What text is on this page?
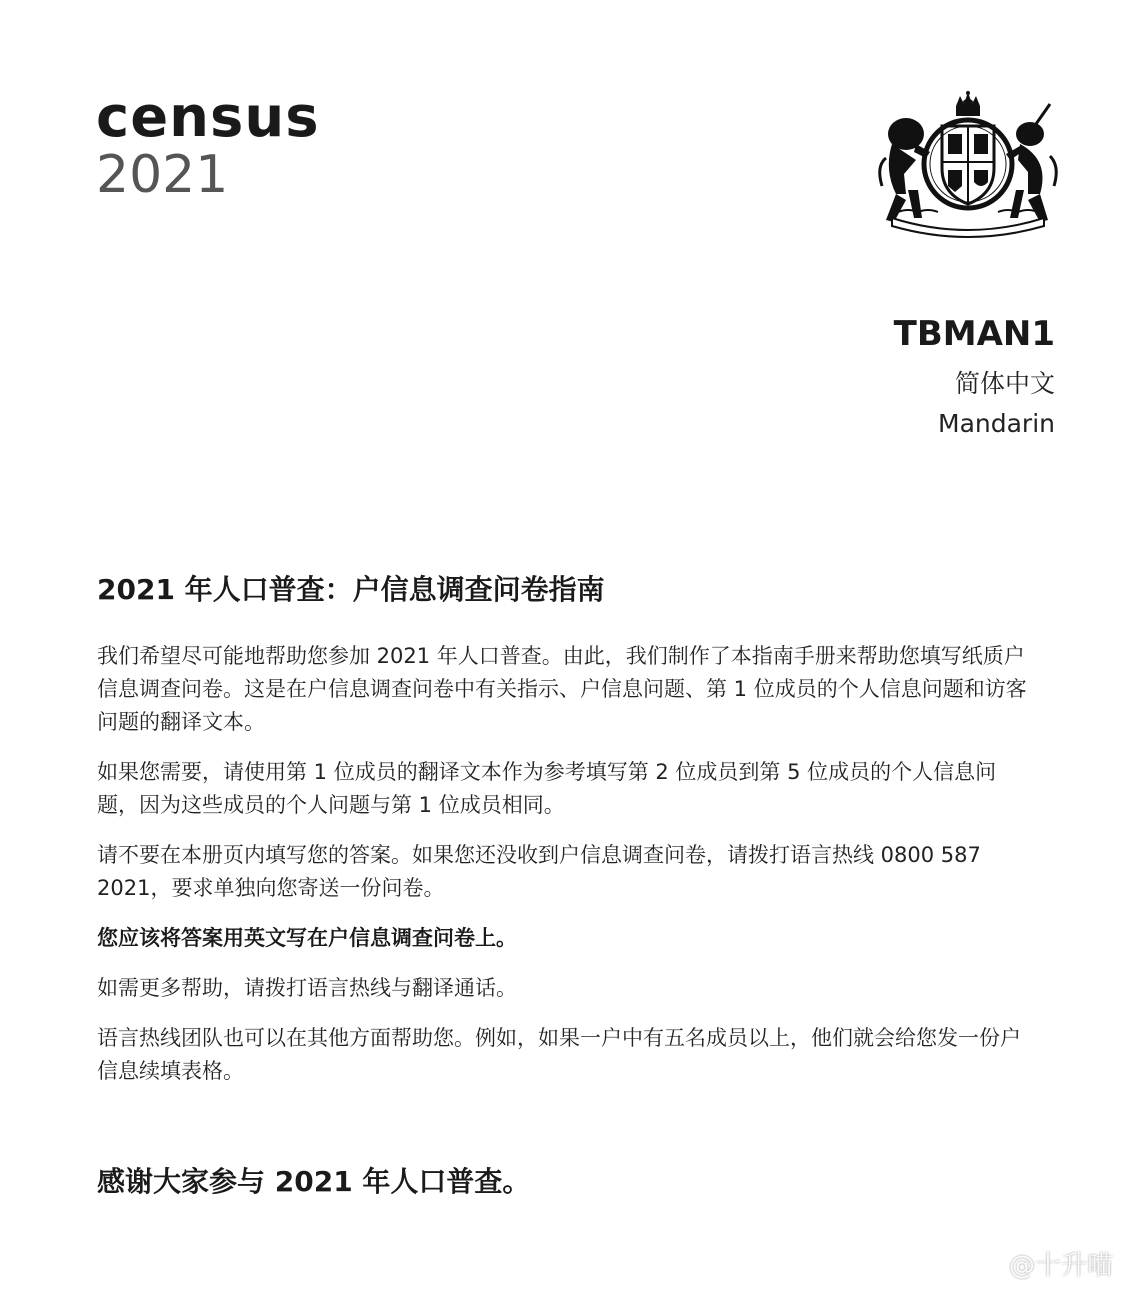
census

2021

TBMAN1

简体中文

Mandarin

2021 年人口普查：户信息调查问卷指南

我们希望尽可能地帮助您参加 2021 年人口普查。由此，我们制作了本指南手册来帮助您填写纸质户信息调查问卷。这是在户信息调查问卷中有关指示、户信息问题、第 1 位成员的个人信息问题和访客问题的翻译文本。

如果您需要，请使用第 1 位成员的翻译文本作为参考填写第 2 位成员到第 5 位成员的个人信息问题，因为这些成员的个人问题与第 1 位成员相同。

请不要在本册页内填写您的答案。如果您还没收到户信息调查问卷，请拨打语言热线 0800 587 2021，要求单独向您寄送一份问卷。

您应该将答案用英文写在户信息调查问卷上。

如需更多帮助，请拨打语言热线与翻译通话。

语言热线团队也可以在其他方面帮助您。例如，如果一户中有五名成员以上，他们就会给您发一份户信息续填表格。

感谢大家参与 2021 年人口普查。
@十升喵
